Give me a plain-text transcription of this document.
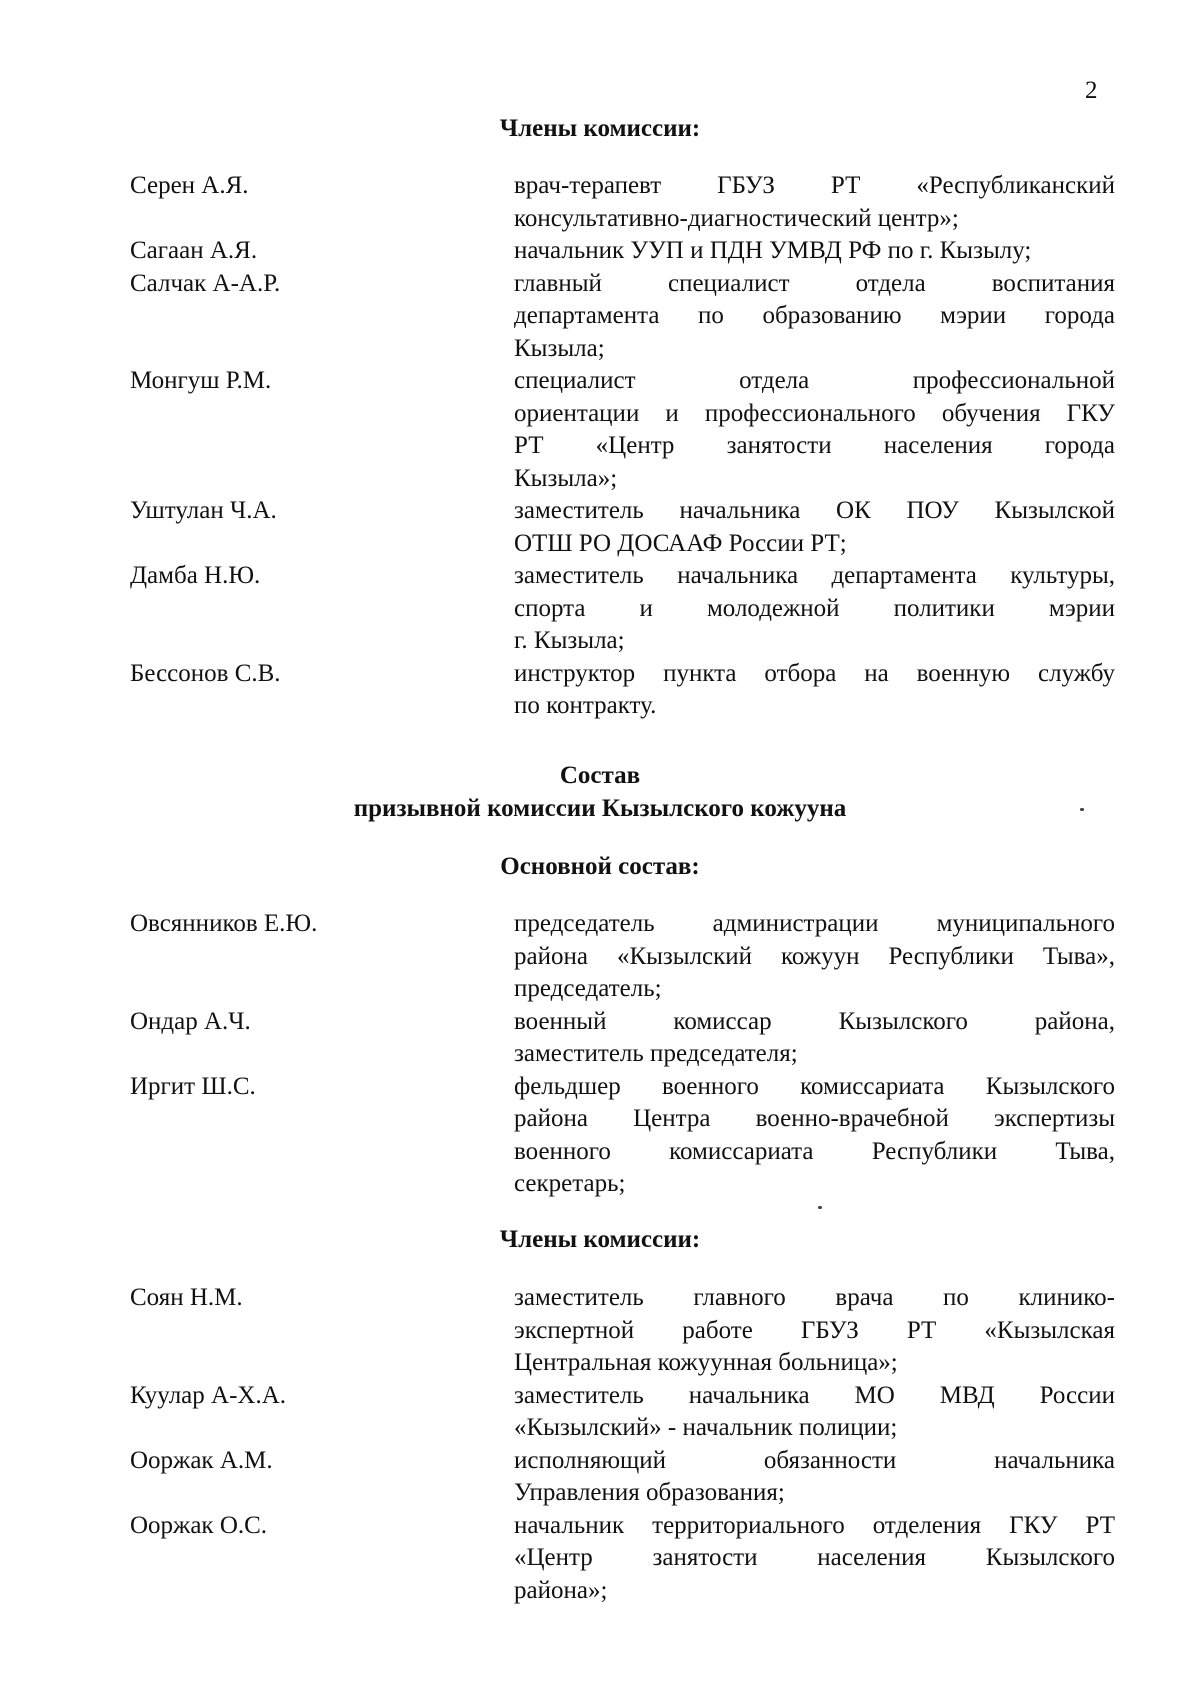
2
Члены комиссии:
Серен А.Я.	врач-терапевт ГБУЗ РТ «Республиканский
консультативно-диагностический центр»;
Сагаан А.Я.	начальник УУП и ПДН УМВД РФ по г. Кызылу;
Салчак А-А.Р.	главный специалист отдела воспитания
департамента по образованию мэрии города
Кызыла;
Монгуш Р.М.	специалист отдела профессиональной
ориентации и профессионального обучения ГКУ
РТ «Центр занятости населения города
Кызыла»;
Уштулан Ч.А.	заместитель начальника ОК ПОУ Кызылской
ОТШ РО ДОСААФ России РТ;
Дамба Н.Ю.	заместитель начальника департамента культуры,
спорта и молодежной политики мэрии
г. Кызыла;
Бессонов С.В.	инструктор пункта отбора на военную службу
по контракту.
Состав
призывной комиссии Кызылского кожууна
Основной состав:
Овсянников Е.Ю.	председатель администрации муниципального
района «Кызылский кожуун Республики Тыва»,
председатель;
Ондар А.Ч.	военный комиссар Кызылского района,
заместитель председателя;
Иргит Ш.С.	фельдшер военного комиссариата Кызылского
района Центра военно-врачебной экспертизы
военного комиссариата Республики Тыва,
секретарь;
Члены комиссии:
Соян Н.М.	заместитель главного врача по клинико-
экспертной работе ГБУЗ РТ «Кызылская
Центральная кожуунная больница»;
Куулар А-Х.А.	заместитель начальника МО МВД России
«Кызылский» - начальник полиции;
Ооржак А.М.	исполняющий обязанности начальника
Управления образования;
Ооржак О.С.	начальник территориального отделения ГКУ РТ
«Центр занятости населения Кызылского
района»;
